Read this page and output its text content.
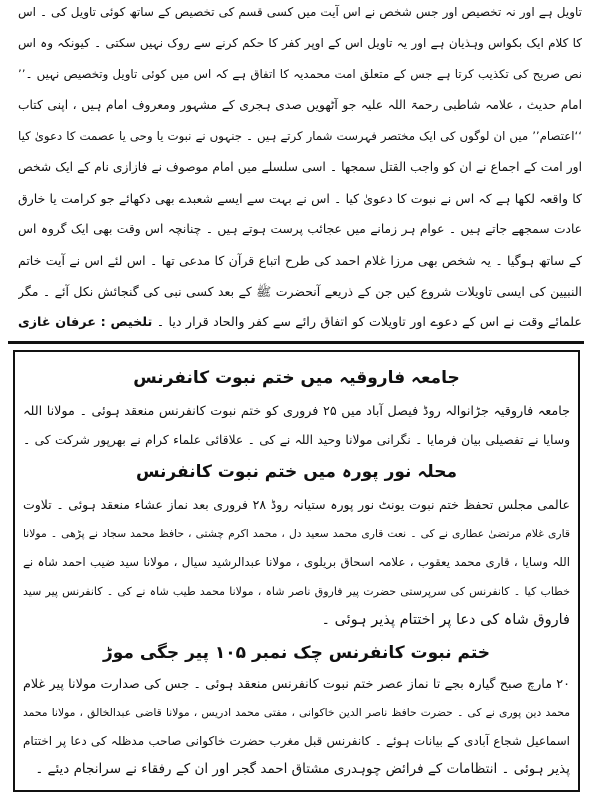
تاویل ہے اور نہ تخصیص اور جس شخص نے اس آیت میں کسی قسم کی تخصیص کے ساتھ کوئی تاویل کی ۔ اس
کا کلام ایک بکواس وہذیان ہے اور یہ تاویل اس کے اوپر کفر کا حکم کرنے سے روک نہیں سکتی ۔ کیونکہ وہ اس
نص صریح کی تکذیب کرتا ہے جس کے متعلق امت محمدیہ کا اتفاق ہے کہ اس میں کوئی تاویل وتخصیص نہیں ۔’’
امام حدیث ، علامہ شاطبی رحمۃ اللہ علیہ جو آٹھویں صدی ہجری کے مشہور ومعروف امام ہیں ، اپنی کتاب
‘‘اعتصام’’ میں ان لوگوں کی ایک مختصر فہرست شمار کرتے ہیں ۔ جنہوں نے نبوت یا وحی یا عصمت کا دعویٰ کیا
اور امت کے اجماع نے ان کو واجب القتل سمجھا ۔ اسی سلسلے میں امام موصوف نے فازازی نام کے ایک شخص
کا واقعہ لکھا ہے کہ اس نے نبوت کا دعویٰ کیا ۔ اس نے بہت سے ایسے شعبدے بھی دکھائے جو کرامت یا خارق
عادت سمجھے جاتے ہیں ۔ عوام ہر زمانے میں عجائب پرست ہوتے ہیں ۔ چنانچہ اس وقت بھی ایک گروہ اس
کے ساتھ ہوگیا ۔ یہ شخص بھی مرزا غلام احمد کی طرح اتباع قرآن کا مدعی تھا ۔ اس لئے اس نے آیت خاتم
النبیین کی ایسی تاویلات شروع کیں جن کے ذریعے آنحضرت ﷺ کے بعد کسی نبی کی گنجائش نکل آئے ۔ مگر
علمائے وقت نے اس کے دعوے اور تاویلات کو اتفاق رائے سے کفر والحاد قرار دیا ۔ تلخیص : عرفان غازی
جامعہ فاروقیہ میں ختم نبوت کانفرنس
جامعہ فاروقیہ جڑانوالہ روڈ فیصل آباد میں ۲۵ فروری کو ختم نبوت کانفرنس منعقد ہوئی ۔ مولانا اللہ
وسایا نے تفصیلی بیان فرمایا ۔ نگرانی مولانا وحید اللہ نے کی ۔ علاقائی علماء کرام نے بھرپور شرکت کی ۔
محلہ نور پورہ میں ختم نبوت کانفرنس
عالمی مجلس تحفظ ختم نبوت یونٹ نور پورہ ستیانہ روڈ ۲۸ فروری بعد نماز عشاء منعقد ہوئی ۔ تلاوت
قاری غلام مرتضیٰ عطاری نے کی ۔ نعت قاری محمد سعید دل ، محمد اکرم چشتی ، حافظ محمد سجاد نے پڑھی ۔ مولانا
اللہ وسایا ، قاری محمد یعقوب ، علامہ اسحاق بریلوی ، مولانا عبدالرشید سیال ، مولانا سید ضیب احمد شاہ نے
خطاب کیا ۔ کانفرنس کی سرپرستی حضرت پیر فاروق ناصر شاہ ، مولانا محمد طیب شاہ نے کی ۔ کانفرنس پیر سید
فاروق شاہ کی دعا پر اختتام پذیر ہوئی ۔
ختم نبوت کانفرنس چک نمبر ۱۰۵ پیر جگی موڑ
۲۰ مارچ صبح گیارہ بجے تا نماز عصر ختم نبوت کانفرنس منعقد ہوئی ۔ جس کی صدارت مولانا پیر غلام
محمد دین پوری نے کی ۔ حضرت حافظ ناصر الدین خاکوانی ، مفتی محمد ادریس ، مولانا قاضی عبدالخالق ، مولانا محمد
اسماعیل شجاع آبادی کے بیانات ہوئے ۔ کانفرنس قبل مغرب حضرت خاکوانی صاحب مدظلہ کی دعا پر اختتام
پذیر ہوئی ۔ انتظامات کے فرائض چوہدری مشتاق احمد گجر اور ان کے رفقاء نے سرانجام دیئے ۔
